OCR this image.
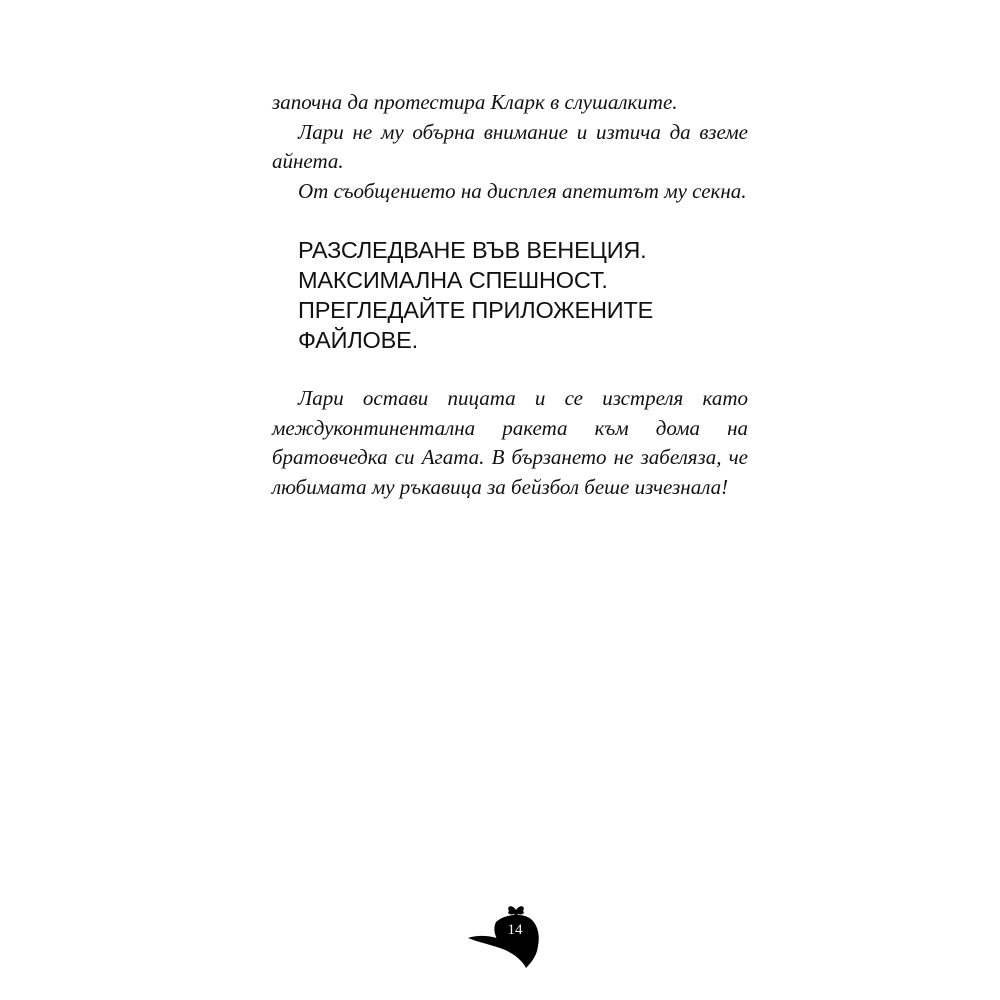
започна да протестира Кларк в слушалките.

Лари не му обърна внимание и изтича да вземе айнета.

От съобщението на дисплея апетитът му секна.

РАЗСЛЕДВАНЕ ВЪВ ВЕНЕЦИЯ.
МАКСИМАЛНА СПЕШНОСТ.
ПРЕГЛЕДАЙТЕ ПРИЛОЖЕНИТЕ
ФАЙЛОВЕ.

Лари остави пицата и се изстреля като междуконтинентална ракета към дома на братовчедка си Агата. В бързането не забеляза, че любимата му ръкавица за бейзбол беше изчезнала!

14
